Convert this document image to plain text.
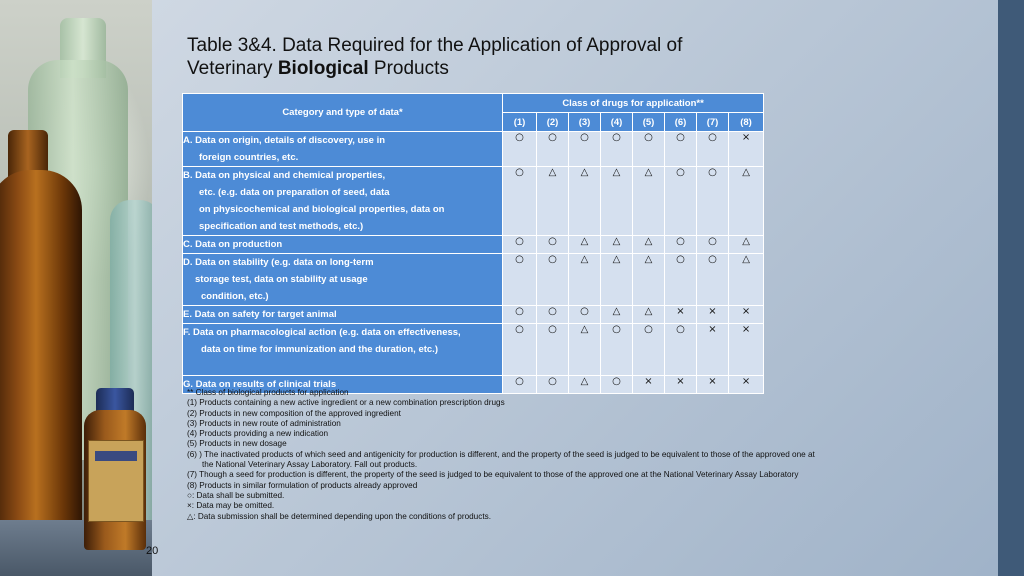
Table 3&4. Data Required for the Application of Approval of
Veterinary Biological Products
Category and type of data*	Class of drugs for application**							
	(1)	(2)	(3)	(4)	(5)	(6)	(7)	(8)

A. Data on origin, details of discovery, use in
foreign countries, etc.	○	○	○	○	○	○	○	×

B. Data on physical and chemical properties,
etc. (e.g. data on preparation of seed, data
on physicochemical and biological properties, data on
specification and test methods, etc.)	○	△	△	△	△	○	○	△

C. Data on production	○	○	△	△	△	○	○	△

D. Data on stability (e.g. data on long-term
storage test, data on stability at usage
condition, etc.)	○	○	△	△	△	○	○	△

E. Data on safety for target animal	○	○	○	△	△	×	×	×

F. Data on pharmacological action (e.g. data on effectiveness,
data on time for immunization and the duration, etc.)	○	○	△	○	○	○	×	×

G. Data on results of clinical trials	○	○	△	○	×	×	×	×
** Class of biological products for application
(1) Products containing a new active ingredient or a new combination prescription drugs
(2) Products in new composition of the approved ingredient
(3) Products in new route of administration
(4) Products providing a new indication
(5) Products in new dosage
(6) ) The inactivated products of which seed and antigenicity for production is different, and the property of the seed is judged to be equivalent to those of the approved one at
the National Veterinary Assay Laboratory. Fall out products.
(7) Though a seed for production is different, the property of the seed is judged to be equivalent to those of the approved one at the National Veterinary Assay Laboratory
(8) Products in similar formulation of products already approved
○: Data shall be submitted.
×: Data may be omitted.
△: Data submission shall be determined depending upon the conditions of products.
20
